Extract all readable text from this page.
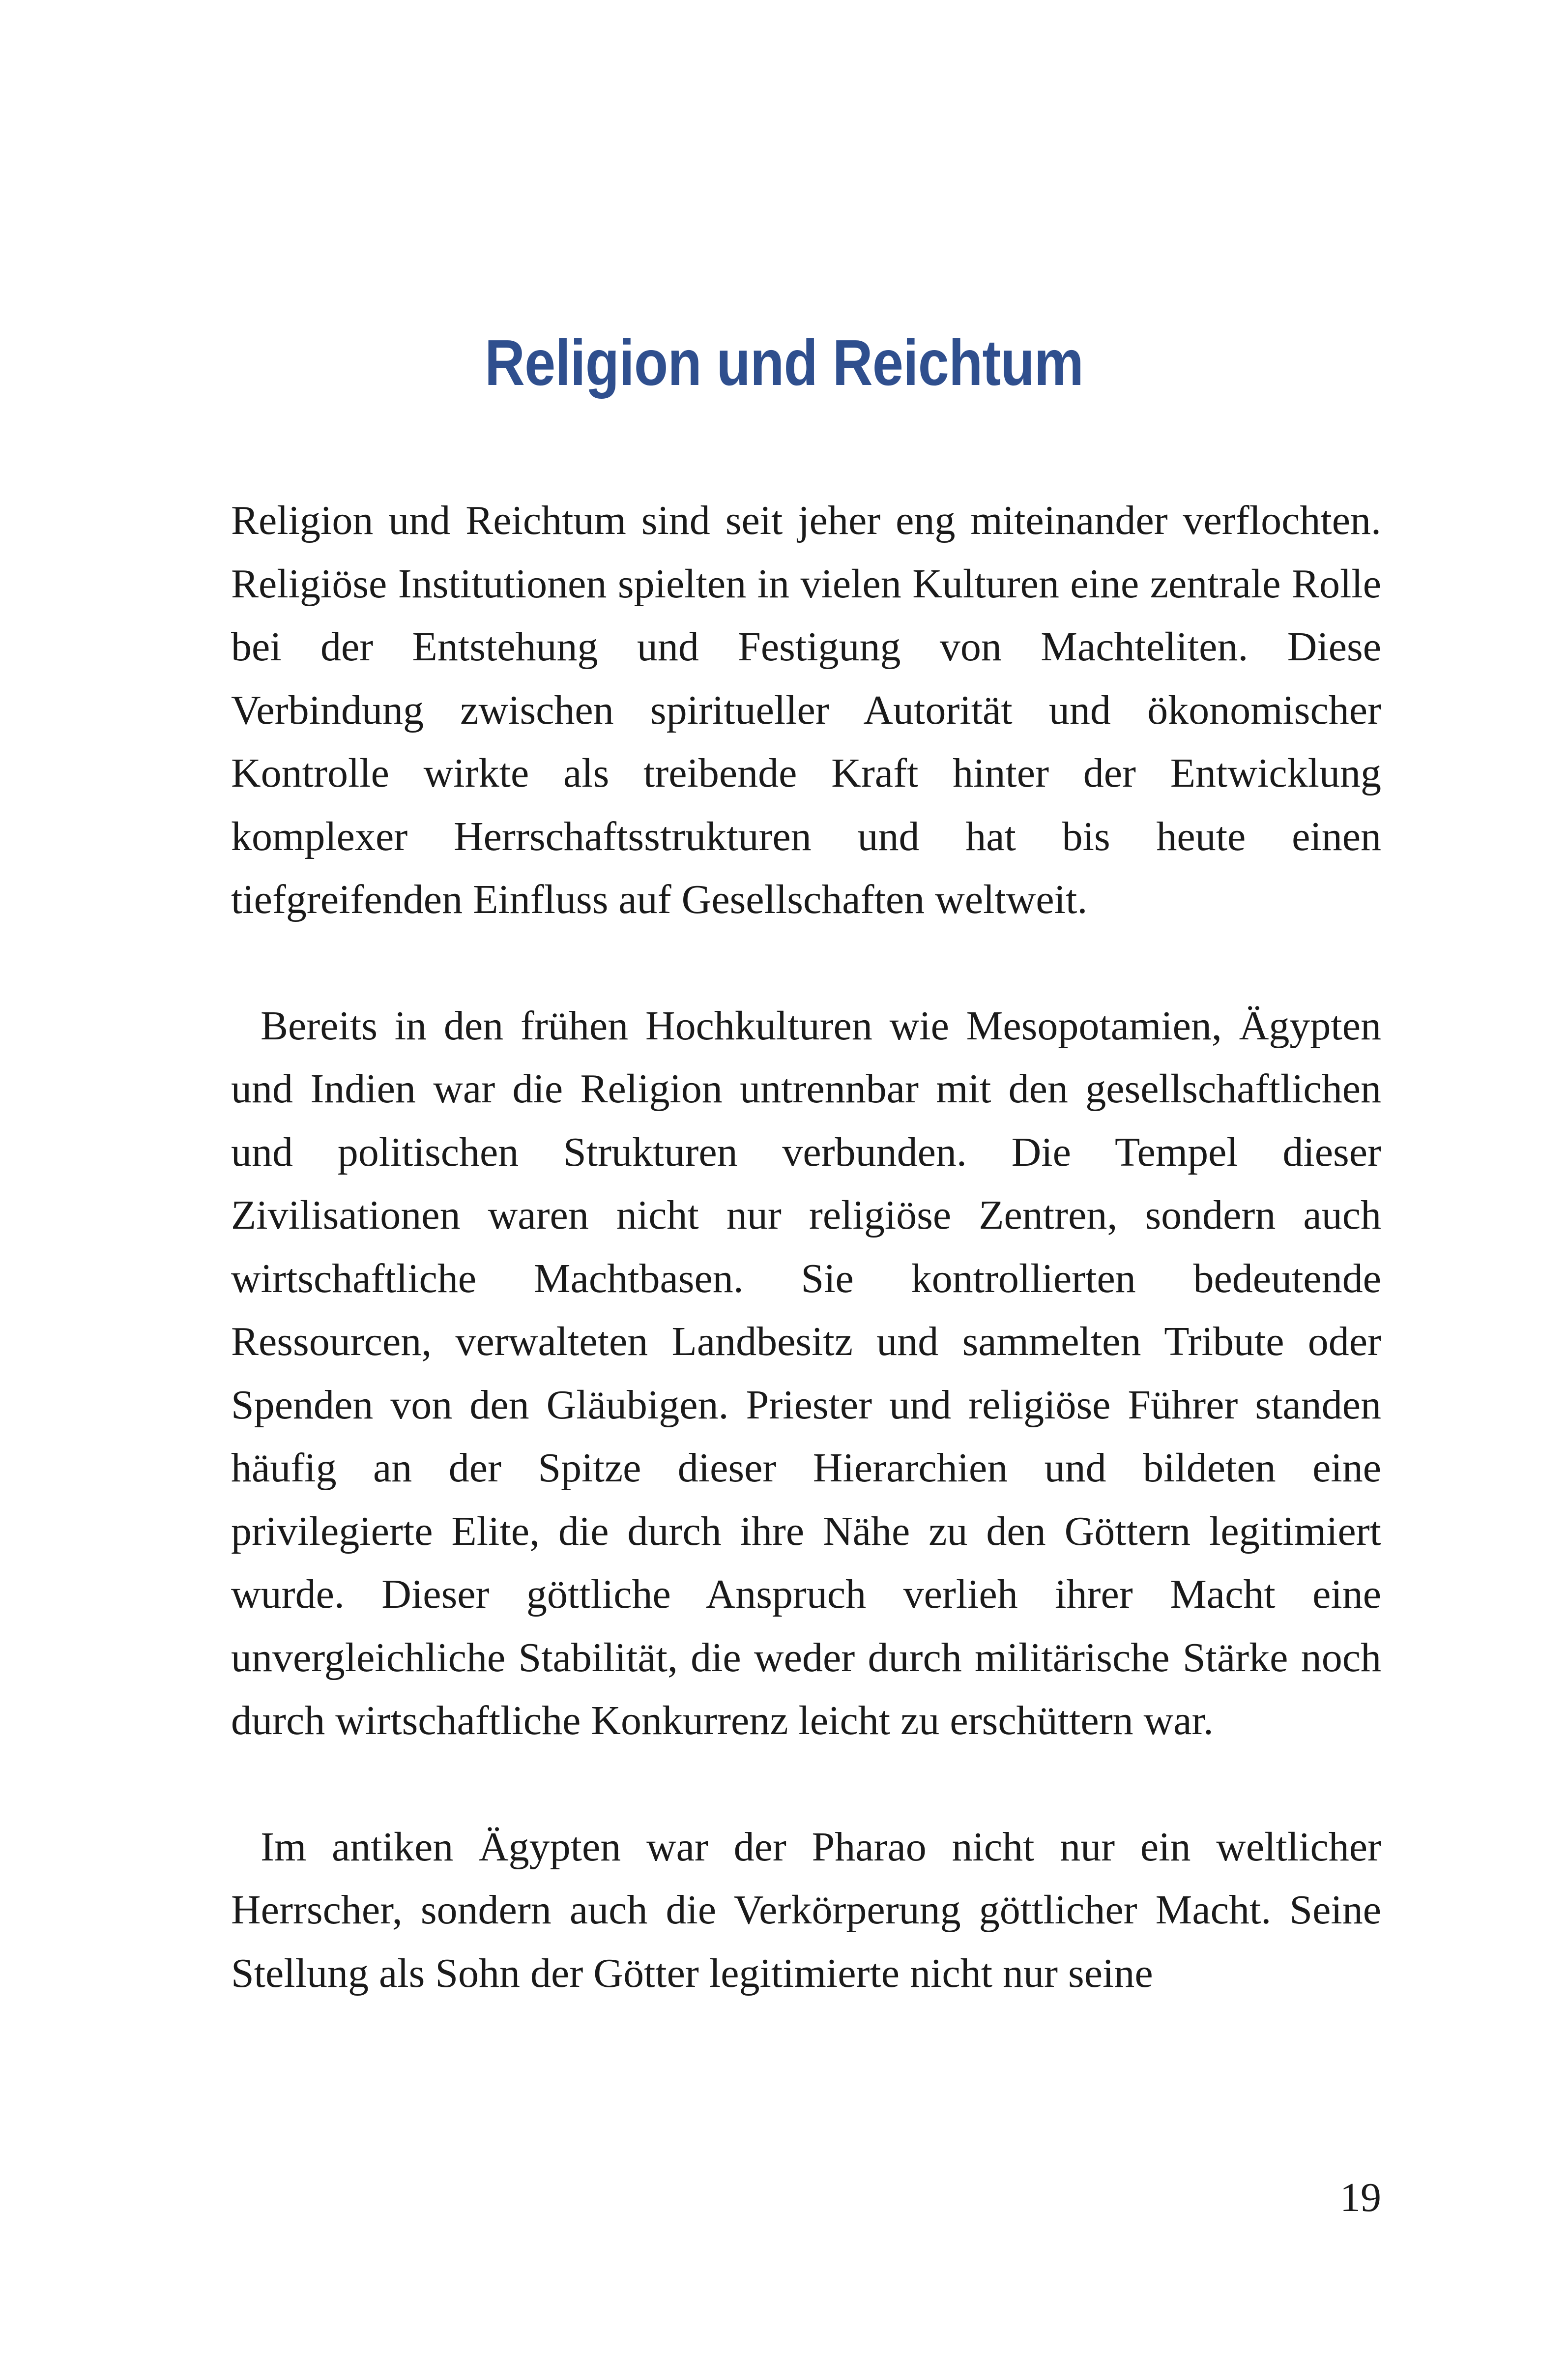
Religion und Reichtum

Religion und Reichtum sind seit jeher eng miteinander verflochten. Religiöse Institutionen spielten in vielen Kulturen eine zentrale Rolle bei der Entstehung und Festigung von Machteliten. Diese Verbindung zwischen spiritueller Autorität und ökonomischer Kontrolle wirkte als treibende Kraft hinter der Entwicklung komplexer Herrschaftsstrukturen und hat bis heute einen tiefgreifenden Einfluss auf Gesellschaften weltweit.

Bereits in den frühen Hochkulturen wie Mesopotamien, Ägypten und Indien war die Religion untrennbar mit den gesellschaftlichen und politischen Strukturen verbunden. Die Tempel dieser Zivilisationen waren nicht nur religiöse Zentren, sondern auch wirtschaftliche Machtbasen. Sie kontrollierten bedeutende Ressourcen, verwalteten Landbesitz und sammelten Tribute oder Spenden von den Gläubigen. Priester und religiöse Führer standen häufig an der Spitze dieser Hierarchien und bildeten eine privilegierte Elite, die durch ihre Nähe zu den Göttern legitimiert wurde. Dieser göttliche Anspruch verlieh ihrer Macht eine unvergleichliche Stabilität, die weder durch militärische Stärke noch durch wirtschaftliche Konkurrenz leicht zu erschüttern war.

Im antiken Ägypten war der Pharao nicht nur ein weltlicher Herrscher, sondern auch die Verkörperung göttlicher Macht. Seine Stellung als Sohn der Götter legitimierte nicht nur seine

19
